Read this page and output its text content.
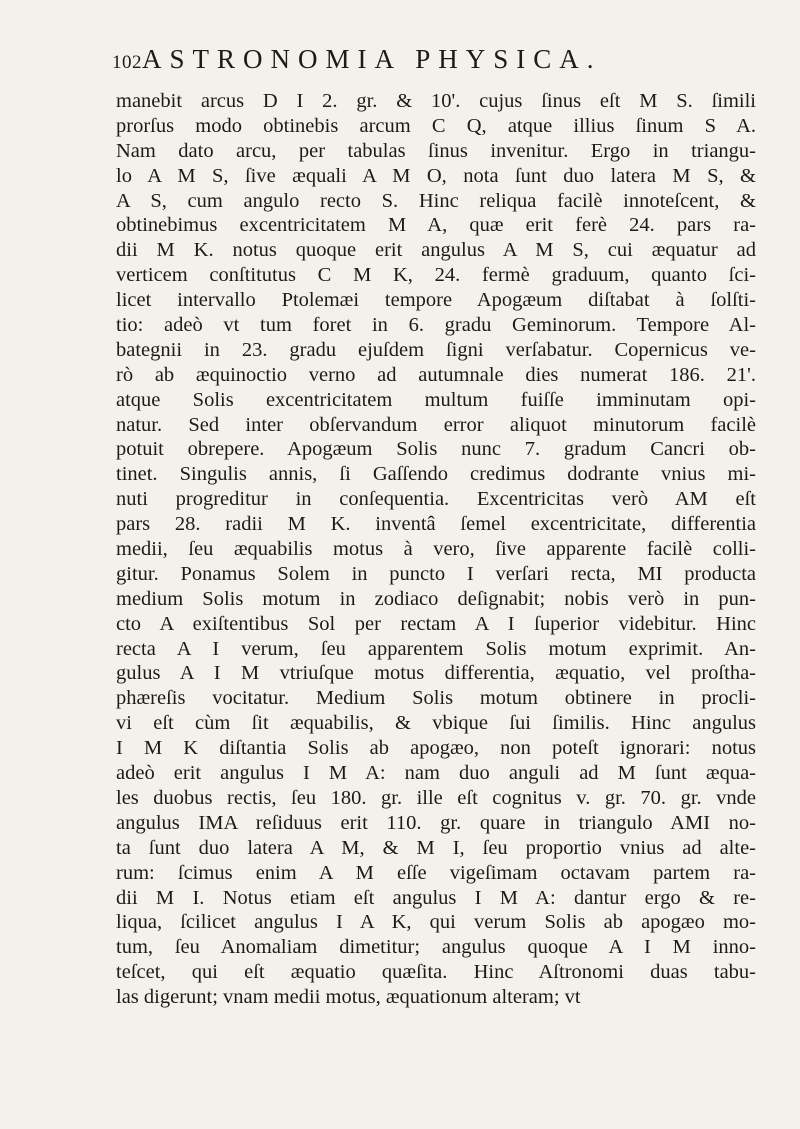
102 ASTRONOMIA PHYSICA.
manebit arcus D I 2. gr. & 10'. cujus ſinus eſt M S. ſimili
prorſus modo obtinebis arcum C Q, atque illius ſinum S A.
Nam dato arcu, per tabulas ſinus invenitur. Ergo in triangu-
lo A M S, ſive æquali A M O, nota ſunt duo latera M S, &
A S, cum angulo recto S. Hinc reliqua facilè innoteſcent, &
obtinebimus excentricitatem M A, quæ erit ferè 24. pars ra-
dii M K. notus quoque erit angulus A M S, cui æquatur ad
verticem conſtitutus C M K, 24. fermè graduum, quanto ſci-
licet intervallo Ptolemæi tempore Apogæum diſtabat à ſolſti-
tio: adeò vt tum foret in 6. gradu Geminorum. Tempore Al-
bategnii in 23. gradu ejuſdem ſigni verſabatur. Copernicus ve-
rò ab æquinoctio verno ad autumnale dies numerat 186. 21'.
atque Solis excentricitatem multum fuiſſe imminutam opi-
natur. Sed inter obſervandum error aliquot minutorum facilè
potuit obrepere. Apogæum Solis nunc 7. gradum Cancri ob-
tinet. Singulis annis, ſi Gaſſendo credimus dodrante vnius mi-
nuti progreditur in conſequentia. Excentricitas verò AM eſt
pars 28. radii M K. inventâ ſemel excentricitate, differentia
medii, ſeu æquabilis motus à vero, ſive apparente facilè colli-
gitur. Ponamus Solem in puncto I verſari recta, MI producta
medium Solis motum in zodiaco deſignabit; nobis verò in pun-
cto A exiſtentibus Sol per rectam A I ſuperior videbitur. Hinc
recta A I verum, ſeu apparentem Solis motum exprimit. An-
gulus A I M vtriuſque motus differentia, æquatio, vel proſtha-
phæreſis vocitatur. Medium Solis motum obtinere in procli-
vi eſt cùm ſit æquabilis, & vbique ſui ſimilis. Hinc angulus
I M K diſtantia Solis ab apogæo, non poteſt ignorari: notus
adeò erit angulus I M A: nam duo anguli ad M ſunt æqua-
les duobus rectis, ſeu 180. gr. ille eſt cognitus v. gr. 70. gr. vnde
angulus IMA reſiduus erit 110. gr. quare in triangulo AMI no-
ta ſunt duo latera A M, & M I, ſeu proportio vnius ad alte-
rum: ſcimus enim A M eſſe vigeſimam octavam partem ra-
dii M I. Notus etiam eſt angulus I M A: dantur ergo & re-
liqua, ſcilicet angulus I A K, qui verum Solis ab apogæo mo-
tum, ſeu Anomaliam dimetitur; angulus quoque A I M inno-
teſcet, qui eſt æquatio quæſita. Hinc Aſtronomi duas tabu-
las digerunt; vnam medii motus, æquationum alteram; vt
